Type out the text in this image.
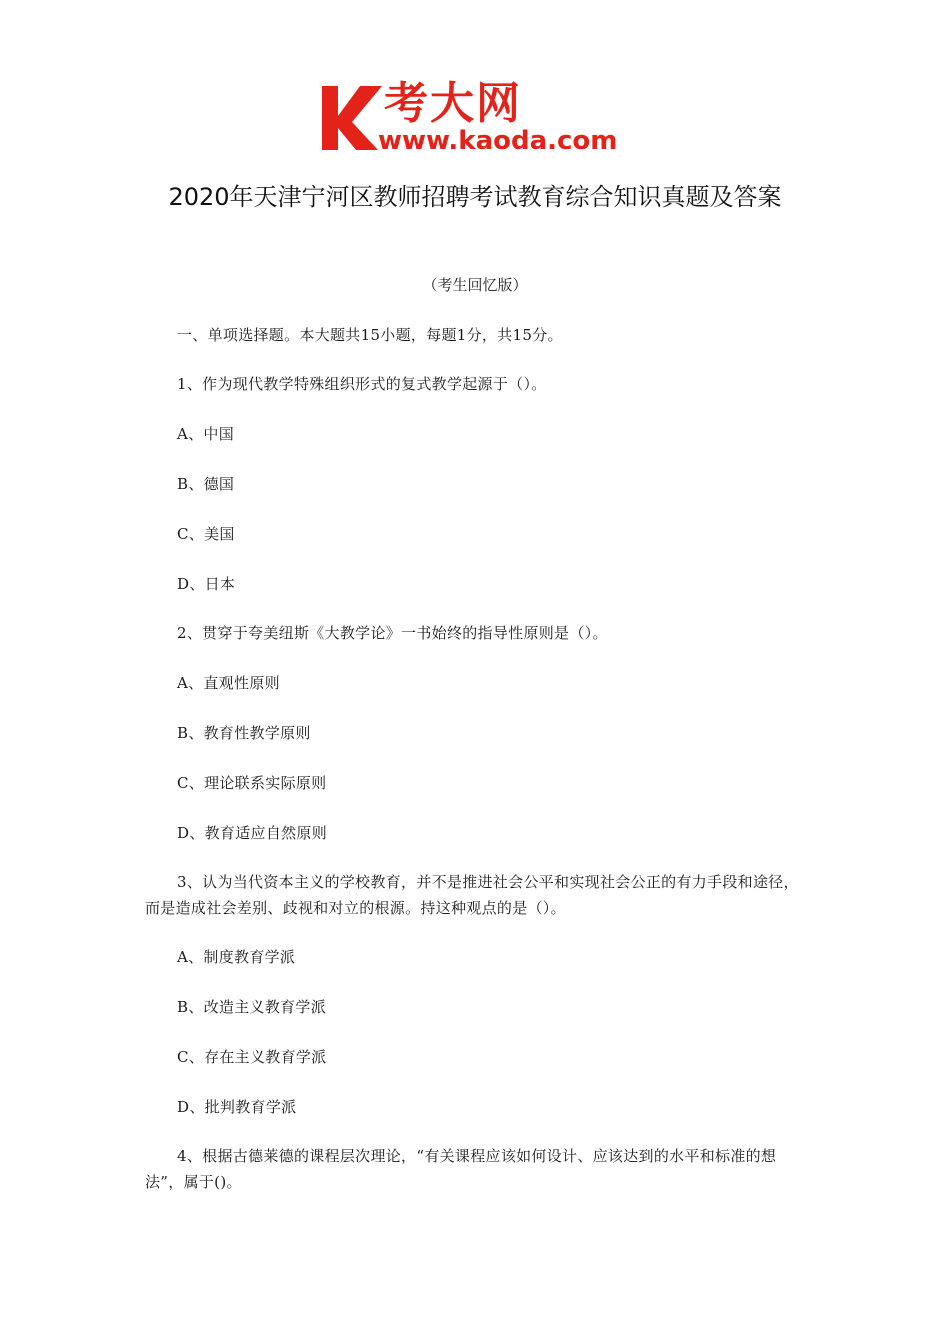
考大网
www.kaoda.com
2020年天津宁河区教师招聘考试教育综合知识真题及答案
（考生回忆版）
一、单项选择题。本大题共15小题，每题1分，共15分。
1、作为现代教学特殊组织形式的复式教学起源于（）。
A、中国
B、德国
C、美国
D、日本
2、贯穿于夸美纽斯《大教学论》一书始终的指导性原则是（）。
A、直观性原则
B、教育性教学原则
C、理论联系实际原则
D、教育适应自然原则
3、认为当代资本主义的学校教育，并不是推进社会公平和实现社会公正的有力手段和途径，而是造成社会差别、歧视和对立的根源。持这种观点的是（）。
A、制度教育学派
B、改造主义教育学派
C、存在主义教育学派
D、批判教育学派
4、根据古德莱德的课程层次理论，“有关课程应该如何设计、应该达到的水平和标准的想法”，属于()。
